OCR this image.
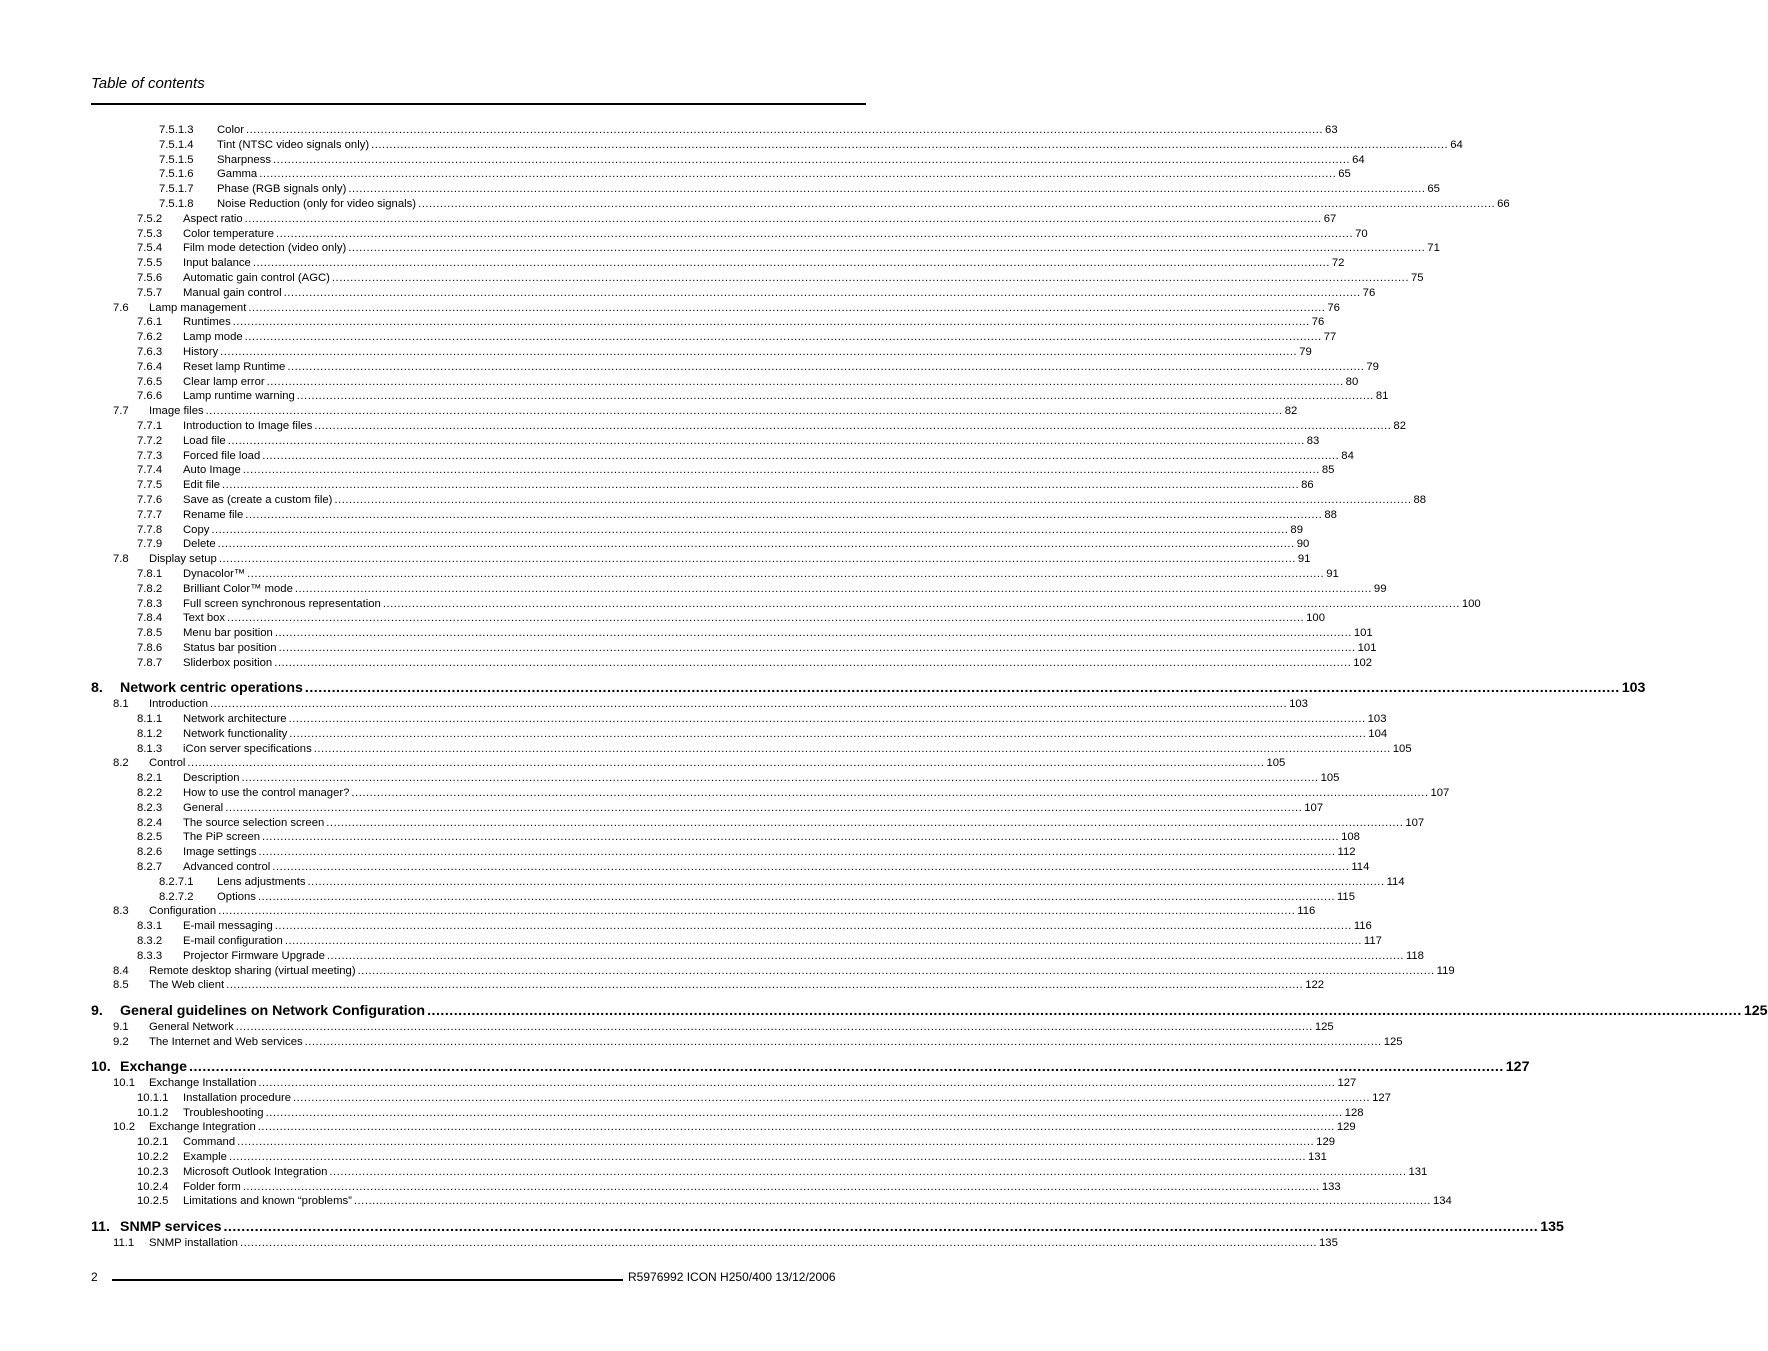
Table of contents
7.5.1.3	Color .....	63
7.5.1.4	Tint (NTSC video signals only) .....	64
7.5.1.5	Sharpness .....	64
7.5.1.6	Gamma .....	65
7.5.1.7	Phase (RGB signals only) .....	65
7.5.1.8	Noise Reduction (only for video signals) .....	66
7.5.2	Aspect ratio .....	67
7.5.3	Color temperature .....	70
7.5.4	Film mode detection (video only) .....	71
7.5.5	Input balance .....	72
7.5.6	Automatic gain control (AGC) .....	75
7.5.7	Manual gain control .....	76
7.6	Lamp management .....	76
7.6.1	Runtimes .....	76
7.6.2	Lamp mode .....	77
7.6.3	History .....	79
7.6.4	Reset lamp Runtime .....	79
7.6.5	Clear lamp error .....	80
7.6.6	Lamp runtime warning .....	81
7.7	Image files .....	82
7.7.1	Introduction to Image files .....	82
7.7.2	Load file .....	83
7.7.3	Forced file load .....	84
7.7.4	Auto Image .....	85
7.7.5	Edit file .....	86
7.7.6	Save as (create a custom file) .....	88
7.7.7	Rename file .....	88
7.7.8	Copy .....	89
7.7.9	Delete .....	90
7.8	Display setup .....	91
7.8.1	Dynacolor™ .....	91
7.8.2	Brilliant Color™ mode .....	99
7.8.3	Full screen synchronous representation .....	100
7.8.4	Text box .....	100
7.8.5	Menu bar position .....	101
7.8.6	Status bar position .....	101
7.8.7	Sliderbox position .....	102
8.	Network centric operations .....	103
8.1	Introduction .....	103
8.1.1	Network architecture .....	103
8.1.2	Network functionality .....	104
8.1.3	iCon server specifications .....	105
8.2	Control .....	105
8.2.1	Description .....	105
8.2.2	How to use the control manager? .....	107
8.2.3	General .....	107
8.2.4	The source selection screen .....	107
8.2.5	The PiP screen .....	108
8.2.6	Image settings .....	112
8.2.7	Advanced control .....	114
8.2.7.1	Lens adjustments .....	114
8.2.7.2	Options .....	115
8.3	Configuration .....	116
8.3.1	E-mail messaging .....	116
8.3.2	E-mail configuration .....	117
8.3.3	Projector Firmware Upgrade .....	118
8.4	Remote desktop sharing (virtual meeting) .....	119
8.5	The Web client .....	122
9.	General guidelines on Network Configuration .....	125
9.1	General Network .....	125
9.2	The Internet and Web services .....	125
10. Exchange .....	127
10.1	Exchange Installation .....	127
10.1.1	Installation procedure .....	127
10.1.2	Troubleshooting .....	128
10.2	Exchange Integration .....	129
10.2.1	Command .....	129
10.2.2	Example .....	131
10.2.3	Microsoft Outlook Integration .....	131
10.2.4	Folder form .....	133
10.2.5	Limitations and known “problems” .....	134
11. SNMP services .....	135
11.1	SNMP installation .....	135
2	R5976992 ICON H250/400 13/12/2006
